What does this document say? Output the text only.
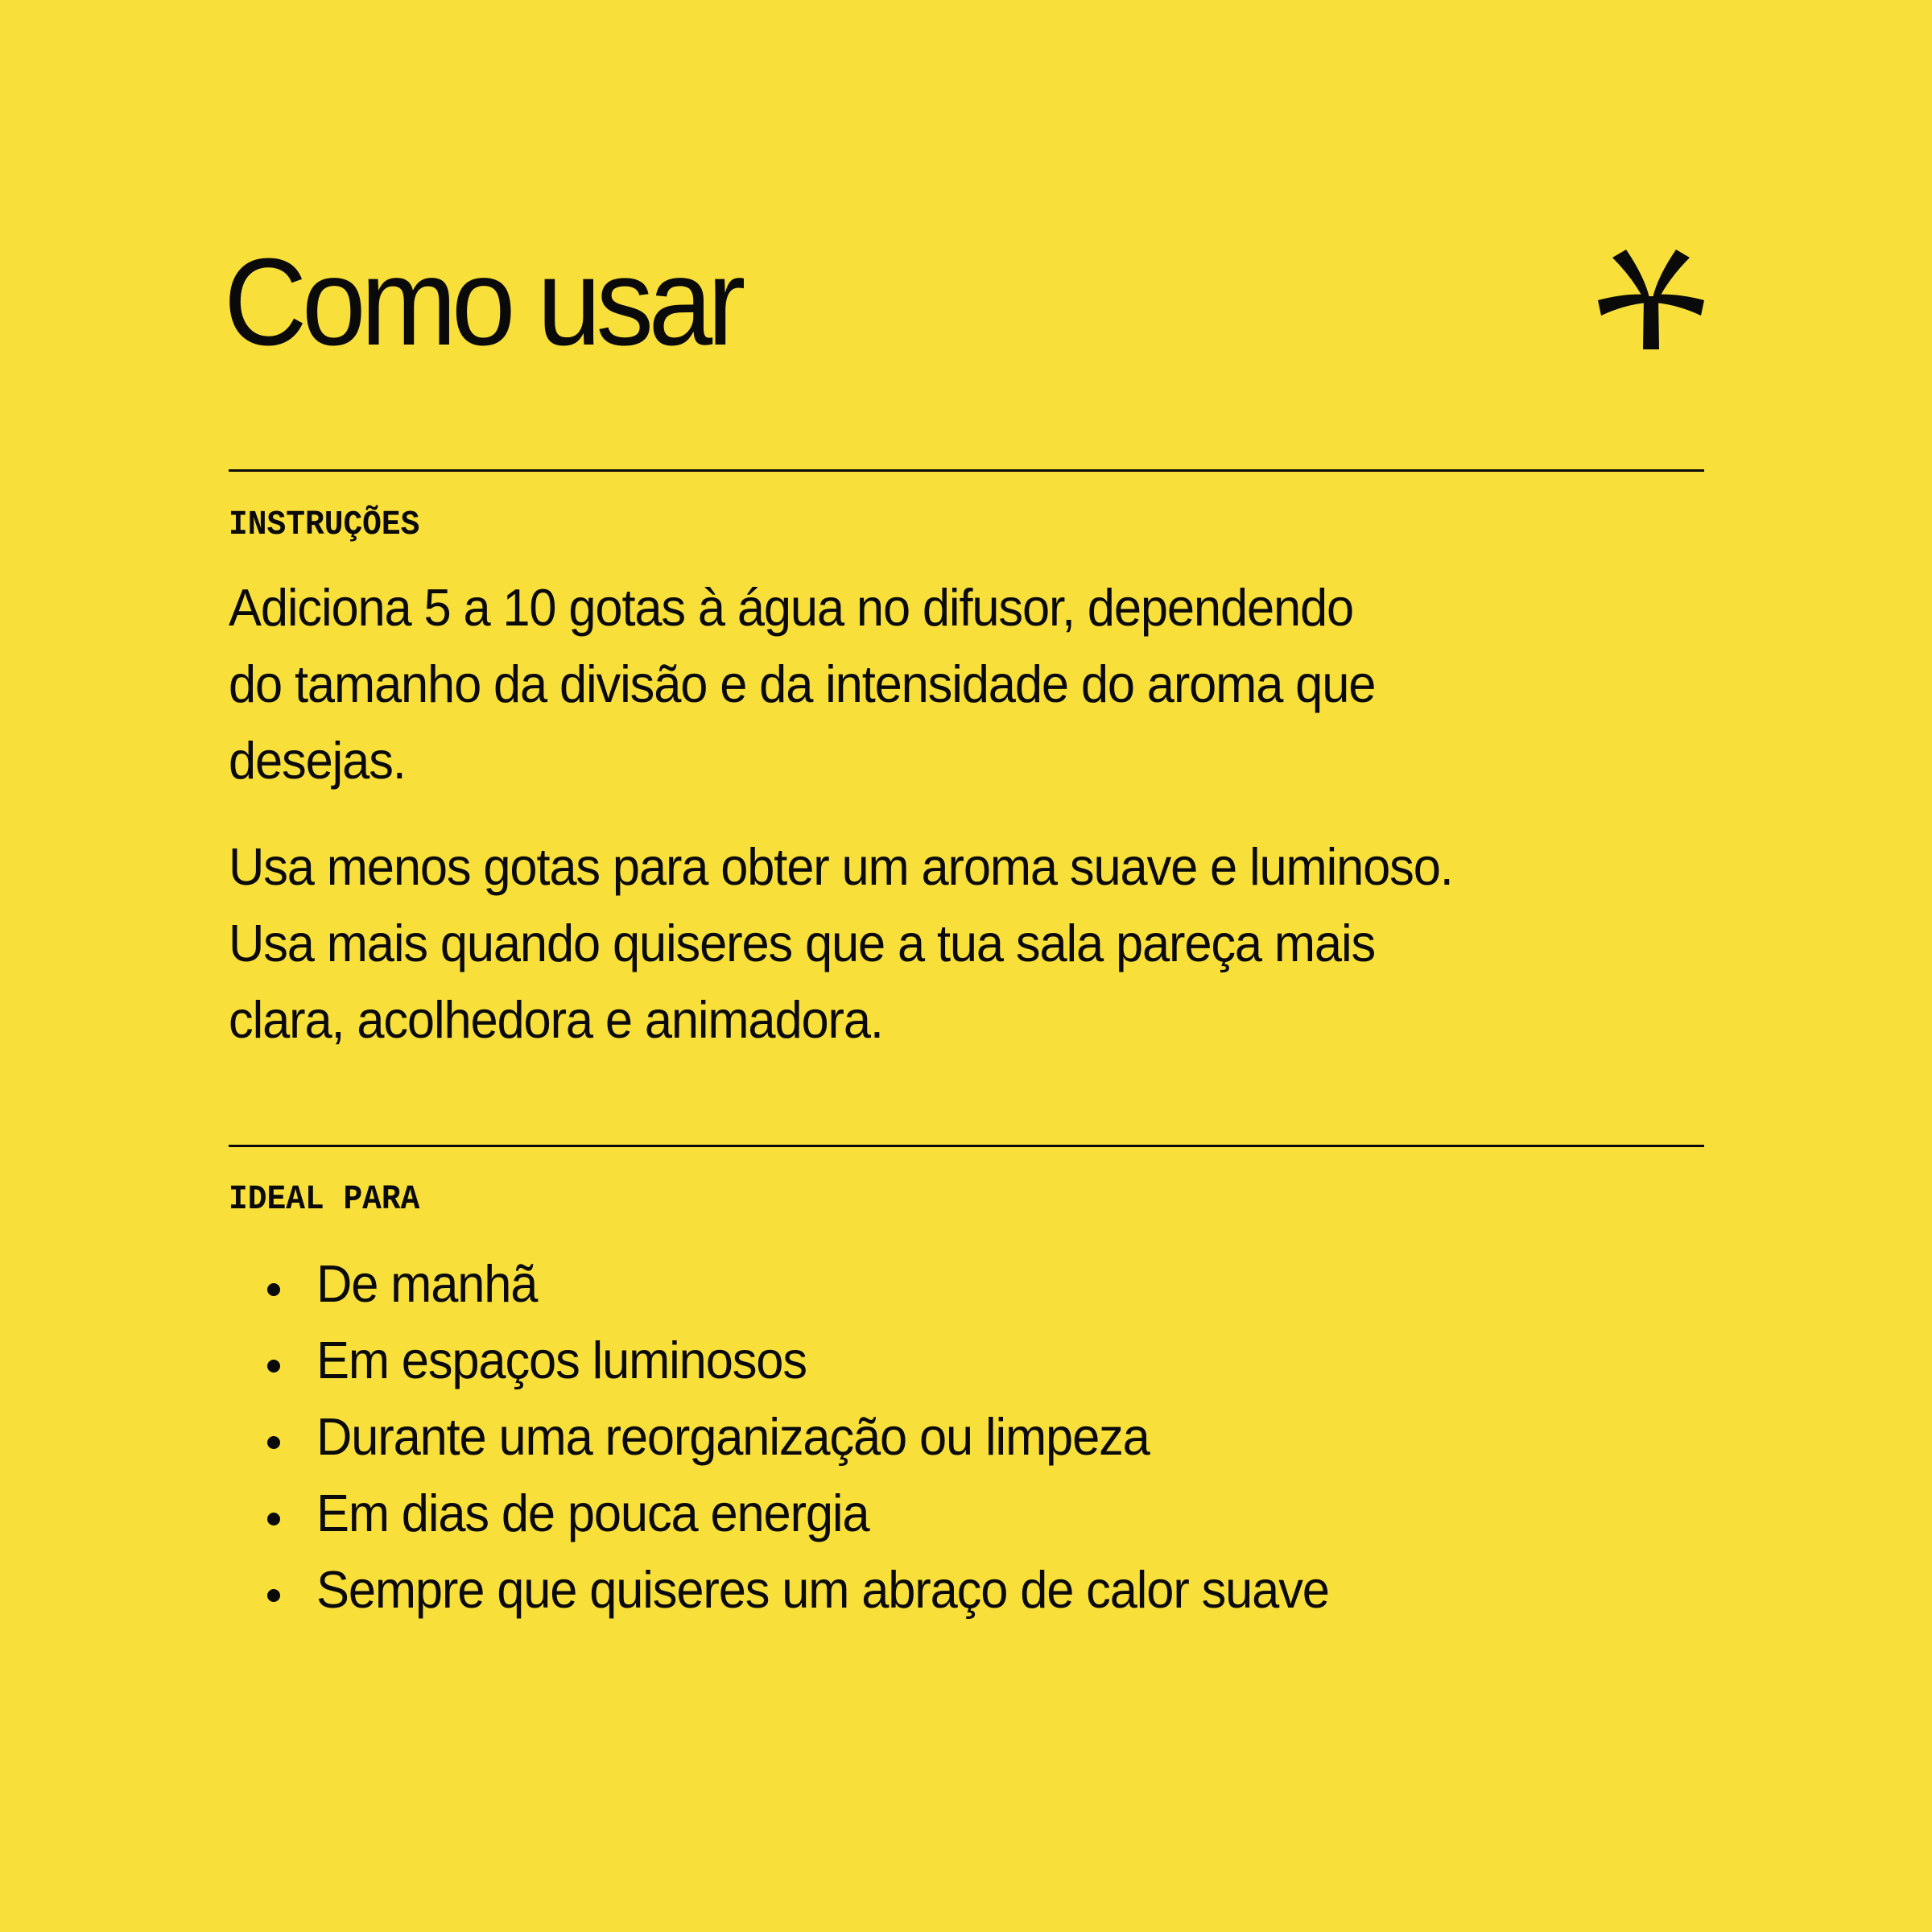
Como usar
INSTRUÇÕES

Adiciona 5 a 10 gotas à água no difusor, dependendo
do tamanho da divisão e da intensidade do aroma que
desejas.

Usa menos gotas para obter um aroma suave e luminoso.
Usa mais quando quiseres que a tua sala pareça mais
clara, acolhedora e animadora.

IDEAL PARA
De manhã
Em espaços luminosos
Durante uma reorganização ou limpeza
Em dias de pouca energia
Sempre que quiseres um abraço de calor suave
